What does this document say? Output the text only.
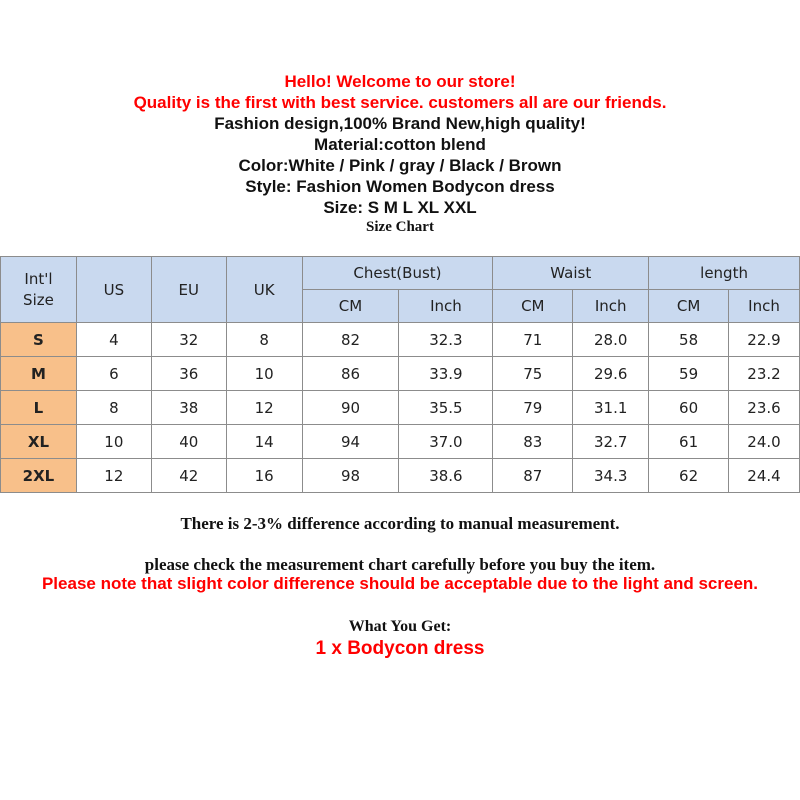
Hello! Welcome to our store!
Quality is the first with best service. customers all are our friends.
Fashion design,100% Brand New,high quality!
Material:cotton blend
Color:White / Pink / gray / Black / Brown
Style: Fashion Women Bodycon dress
Size: S M L XL XXL
Size Chart
Int'l
Size	US	EU	UK	Chest(Bust)		Waist		length	
				CM	Inch	CM	Inch	CM	Inch
S	4	32	8	82	32.3	71	28.0	58	22.9
M	6	36	10	86	33.9	75	29.6	59	23.2
L	8	38	12	90	35.5	79	31.1	60	23.6
XL	10	40	14	94	37.0	83	32.7	61	24.0
2XL	12	42	16	98	38.6	87	34.3	62	24.4
There is 2-3% difference according to manual measurement.
please check the measurement chart carefully before you buy the item.
Please note that slight color difference should be acceptable due to the light and screen.
What You Get:
1 x Bodycon dress
